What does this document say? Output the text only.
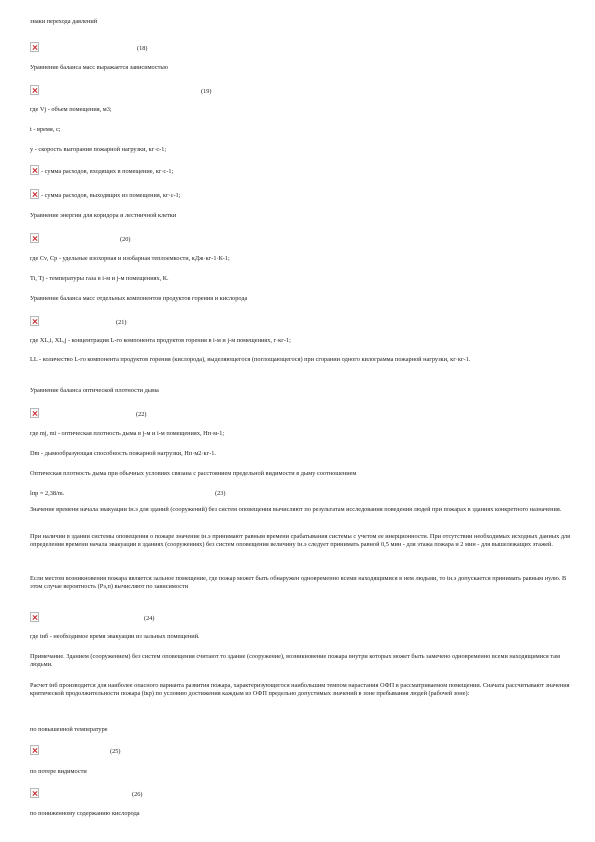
знаки перехода давлений
(18)
Уравнение баланса масс выражается зависимостью
(19)
где Vj - объем помещения, м3;
t - время, с;
y - скорость выгорания пожарной нагрузки, кг·с-1;
- сумма расходов, входящих в помещение, кг·с-1;
- сумма расходов, выходящих из помещения, кг·с-1;
Уравнение энергии для коридора и лестничной клетки
(20)
где Cv, Cp - удельные изохорная и изобарная теплоемкости, кДж·кг-1·К-1;
Ti, Tj - температуры газа в i-м и j-м помещениях, К.
Уравнение баланса масс отдельных компонентов продуктов горения и кислорода
(21)
где XL,i, XL,j - концентрация L-го компонента продуктов горения в i-м и j-м помещениях, г·кг-1;
LL - количество L-го компонента продуктов горения (кислорода), выделяющегося (поглощающегося) при сгорании одного килограмма пожарной нагрузки, кг·кг-1.
Уравнение баланса оптической плотности дыма
(22)
где mj, mi - оптическая плотность дыма в j-м и i-м помещениях, Нп·м-1;
Dm - дымообразующая способность пожарной нагрузки, Нп·м2·кг-1.
Оптическая плотность дыма при обычных условиях связана с расстоянием предельной видимости в дыму соотношением
lпр = 2,38/m.	(23)
Значение времени начала эвакуации tн.э для зданий (сооружений) без систем оповещения вычисляют по результатам исследования поведения людей при пожарах в зданиях конкретного назначения.
При наличии в здании системы оповещения о пожаре значение tн.э принимают равным времени срабатывания системы с учетом ее инерционности. При отсутствии необходимых исходных данных для определения времени начала эвакуации в зданиях (сооружениях) без систем оповещения величину tн.э следует принимать равной 0,5 мин - для этажа пожара и 2 мин - для вышележащих этажей.
Если местом возникновения пожара является зальное помещение, где пожар может быть обнаружен одновременно всеми находящимися в нем людьми, то tн.э допускается принимать равным нулю. В этом случае вероятность (Pэ,п) вычисляют по зависимости
(24)
где tнб - необходимое время эвакуации из зальных помещений.
Примечание. Зданием (сооружением) без систем оповещения считают то здание (сооружение), возникновение пожара внутри которых может быть замечено одновременно всеми находящимися там людьми.
Расчет tнб производится для наиболее опасного варианта развития пожара, характеризующегося наибольшим темпом нарастания ОФП в рассматриваемом помещении. Сначата рассчитывают значения критической продолжительности пожара (tкр) по условию достижения каждым из ОФП предельно допустимых значений в зоне пребывания людей (рабочей зоне):
по повышенной температуре
(25)
по потере видимости
(26)
по пониженному содержанию кислорода
